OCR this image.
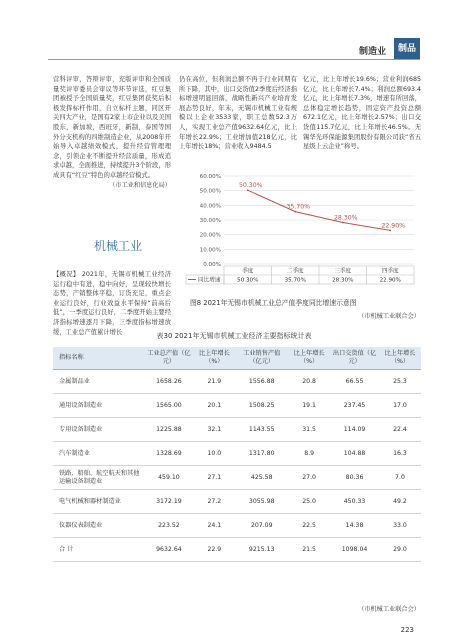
制造业	制品

营科评审，答辩评审，充版评审和全国质量奖评审委员会审议等环节评选，红豆集团被授予全国质量奖，红豆集团获奖后积极发挥标杆作用，自立标杆主题，同区开关四大产业，是国有2家上市企业以及美国股东，新加坡，西班牙，新制，泰国等国外分支机构的四维制造企业，从2008年开始导入卓越绩效模式，提升经营管理理念，引领企业不断提升经营质量，形成追求卓越，全面推进，持续提升3个阶段，形成具有“红豆”特色的卓越经营模式。

（市工业和信息化局）

机械工业

【概况】 2021年，无锡市机械工业经济运行稳中有进，稳中向好，呈现较快增长态势，产销整体平稳，订货充足，重点企业运行良好，行业效益水平保持“前高后低”，一季度运行良好，二季度开始主要经济指标增速逐月下降，三季度指标增速放缓，工业总产值累计增长

仍在高位，但利润总额不再于行业同期有所下降，其中，出口交货值2季度后经济指标增速明显回落，战略性新兴产业培育发展态势良好，年末，无锡市机械工业有规模以上企业3533家，职工总数52.3万人，实现工业总产值9632.64亿元，比上年增长22.9%；工业增加值218亿元，比上年增长18%；营业收入9484.5

亿元，比上年增长19.6%；营业利润685亿元，比上年增长7.4%；利润总额693.4亿元，比上年增长7.3%，增速有所回落，总体稳定增长趋势，固定资产投资总额672.1亿元，比上年增长2.57%；出口交货值115.7亿元，比上年增长46.5%。无锡华光环保能源集团股份有限公司获“省五星级上云企业”称号。

60.00%
50.00%
40.00%
30.00%
20.00%
10.00%
0.00%
同比增速
季度
50.30%
二季度
35.70%
三季度
28.30%
四季度
22.90%
50.30%
35.70%
28.30%
22.90%
图8 2021年无锡市机械工业总产值季度同比增速示意图
（市机械工业联合会）
表30 2021年无锡市机械工业经济主要指标统计表
指标名称	工业总产值（亿元）	比上年增长（%）	工业销售产值（亿元）	比上年增长（%）	出口交货值（亿元）	比上年增长（%）
金属制品业	1658.26	21.9	1556.88	20.8	66.55	25.3
通用设备制造业	1565.00	20.1	1508.25	19.1	237.45	17.0
专用设备制造业	1225.88	32.1	1143.55	31.5	114.09	22.4
汽车制造业	1328.69	10.0	1317.80	8.9	104.88	16.3
铁路、船舶、航空航天和其他运输设备制造业	459.10	27.1	425.58	27.0	80.36	7.0
电气机械和器材制造业	3172.19	27.2	3055.98	25.0	450.33	49.2
仪器仪表制造业	223.52	24.1	207.09	22.5	14.38	33.0
合 计	9632.64	22.9	9215.13	21.5	1098.04	29.0
（市机械工业联合会）
223
